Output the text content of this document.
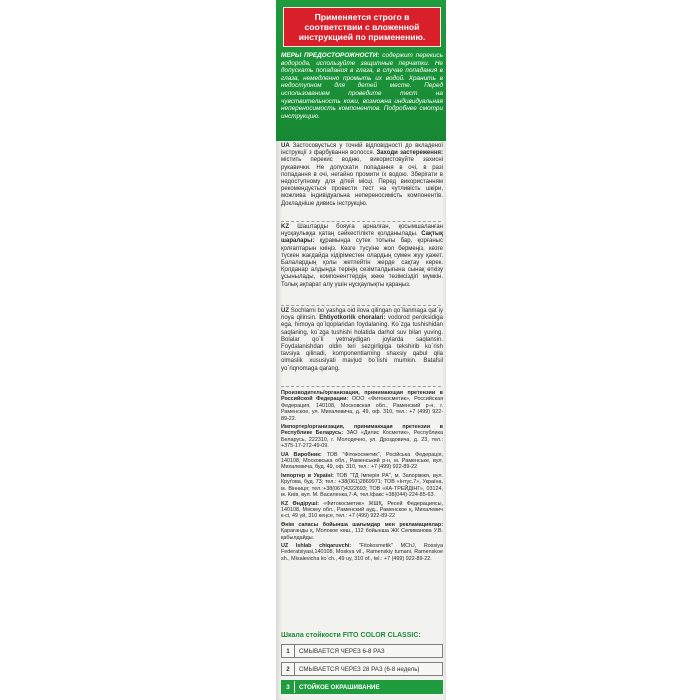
Применяется строго в
соответствии с вложенной
инструкцией по применению.
МЕРЫ ПРЕДОСТОРОЖНОСТИ: содержит перекись водорода, используйте защитные перчатки. Не допускать попадания в глаза, в случае попадания в глаза, немедленно промыть их водой. Хранить в недоступном для детей месте. Перед использованием проведите тест на чувствительность кожи, возможна индивидуальная непереносимость компонентов. Подробнее смотри инструкцию.
UA Застосовується у точній відповідності до вкладеної інструкції з фарбування волосся. Заходи застереження: містить перекис водню, використовуйте захисні рукавички. Не допускати попадання в очі, в разі попадання в очі, негайно промити їх водою. Зберігати в недоступному для дітей місці. Перед використанням рекомендується провести тест на чутливість шкіри, можлива індивідуальна непереносимість компонентів. Докладніше дивись інструкцію.
KZ Шаштарды бояуға арналған, қосымшаланған нұсқаулыққа қатаң сәйкестілікте қолданылады. Сақтық шаралары: құрамында сутек тотығы бар, қорғаныс қолғаптарын киіңіз. Көзге түсуіне жол бермеңіз, көзге түскен жағдайда кідіріместен олардың сумен жуу қажет. Балалардың қолы жетпейтін жерде сақтау керек. Қолданар алдында теріңің сезімталдығына сынақ өткізу ұсынылады, компоненттердің жеке төзімсіздігі мүмкін. Толық ақпарат алу үшін нұсқаулықты қараңыз.
UZ Sochlarni bo`yashga oid ilova qilingan qo`llanmaga qat`iy rioya qilinsin. Ehtiyotkorlik choralari: vodorod peroksidiga ega, himoya qo`lqoplaridan foydalaning. Ko`zga tushishidan saqlaning, ko`zga tushishi holatida darhol suv bilan yuving. Bolalar qo`li yetmaydigan joylarda saqlansin. Foydalanishdan oldin teri sezgirligiga tekshirib ko`rish tavsiya qilinadi, komponentlarning shaxsiy qabul qila olmaslik xususiyati mavjud bo`lishi mumkin. Batafsil yo`riqnomaga qarang.

Производитель/организация, принимающая претензии в Российской Федерации: ООО «Фитокосметик», Российская Федерация, 140108, Московская обл., Раменский р-н, г. Раменское, ул. Михалевича, д. 49, оф. 310, тел.: +7 (499) 922-89-22.

Импортер/организация, принимающая претензии в Республике Беларусь: ЗАО «Дилис Косметик», Республика Беларусь, 222310, г. Молодечно, ул. Дроздовича, д. 23, тел.: +375-17-272-49-09.

UA Виробник: ТОВ "Фітокосметик", Російська Федерація, 140108, Московська обл., Раменський р-н, м. Раменське, вул. Михалевича, буд. 49, оф. 310, тел.: +7 (499) 922-89-22

Імпортер в Україні: ТОВ "ТД Імперія РА", м. Запоріжжя, вул. Круґова, буд. 73; тел.: +38(061)2869971; ТОВ «Інтус.7», Україна, м. Вінниця; тел.:+38(067)4322693; ТОВ «КА-ТРЕЙДІНГ», 03124, м. Київ, вул. М. Василенка,7-А, тел./факс +38(044)-224-85-63.

KZ Өндіруші: «Фитокосметик» ЖШҚ, Ресей Федерациясы, 140108, Мәскеу обл., Раменский ауд., Раменское қ, Михалевич к-сі, 49 үй, 310 кеңсе, тел.: +7 (499) 922-89-22

Өнім сапасы бойынша шағымдар мен рекламациялар: Қарағанды қ, Молокое көш., 112 бойынша ЖК Селиванова У.В. қабылдайды.

UZ Ishlab chiqaruvchi: "Fitokosmetik" MChJ, Rossiya Federatsiyasi,140108, Moskva vil., Ramenskiy tumani, Ramenskoe sh., Mixalevicha ko`ch., 49 uy, 310 of., tel.: +7 (499) 922-89-22.

Шкала стойкости FITO COLOR CLASSIC:
1	СМЫВАЕТСЯ ЧЕРЕЗ 6-8 РАЗ
2	СМЫВАЕТСЯ ЧЕРЕЗ 28 РАЗ (6-8 недель)
3	СТОЙКОЕ ОКРАШИВАНИЕ
